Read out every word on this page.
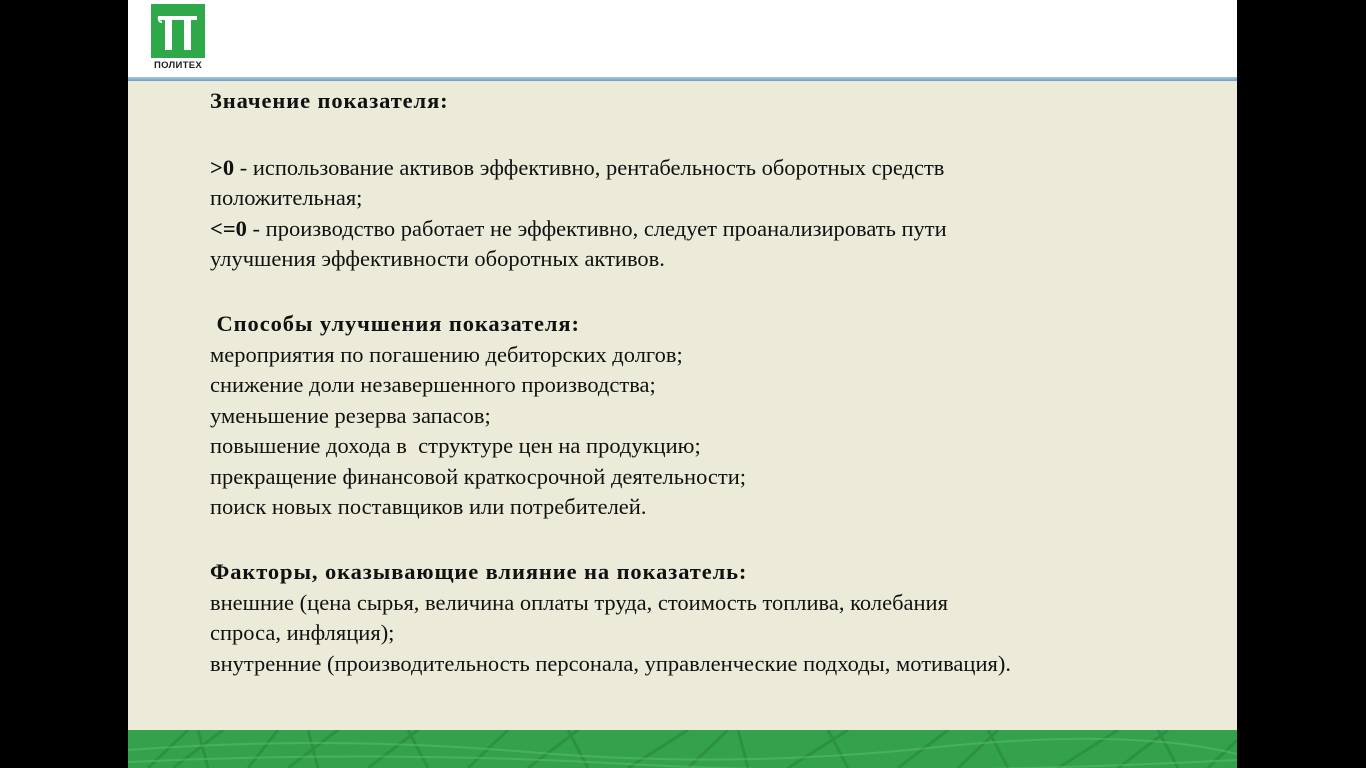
ПОЛИТЕХ
Значение показателя:
>0 - использование активов эффективно, рентабельность оборотных средств
положительная;
<=0 - производство работает не эффективно, следует проанализировать пути
улучшения эффективности оборотных активов.
Способы улучшения показателя:
мероприятия по погашению дебиторских долгов;
снижение доли незавершенного производства;
уменьшение резерва запасов;
повышение дохода в  структуре цен на продукцию;
прекращение финансовой краткосрочной деятельности;
поиск новых поставщиков или потребителей.
Факторы, оказывающие влияние на показатель:
внешние (цена сырья, величина оплаты труда, стоимость топлива, колебания
спроса, инфляция);
внутренние (производительность персонала, управленческие подходы, мотивация).
